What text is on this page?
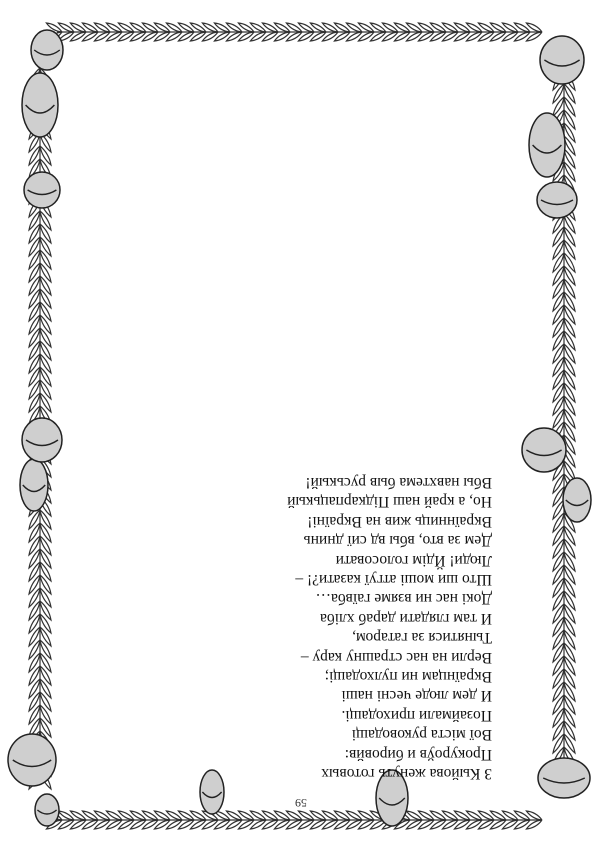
59
З Кыйова женуть готовых
Прокуроўв и бировйв:
Вої міста руководащі
Позаймали приходащі.
И дем люде чесні наші
Вкраїнцам ни пулходащі;
Верли на нас страшну кару –
Тынятися за гатаром,
И там глядати дараб хліба
Докі нас ни взяме гаївба…
Што ши моші атгуї казати?! –
Люди! Йдім голосовати
Дем за вто, вбы вд сиї днинь
Вкраїнниць жив на Вкраїні!
Но, а край наш Підкарпацькый
Вбы навхтема быв руськый!
